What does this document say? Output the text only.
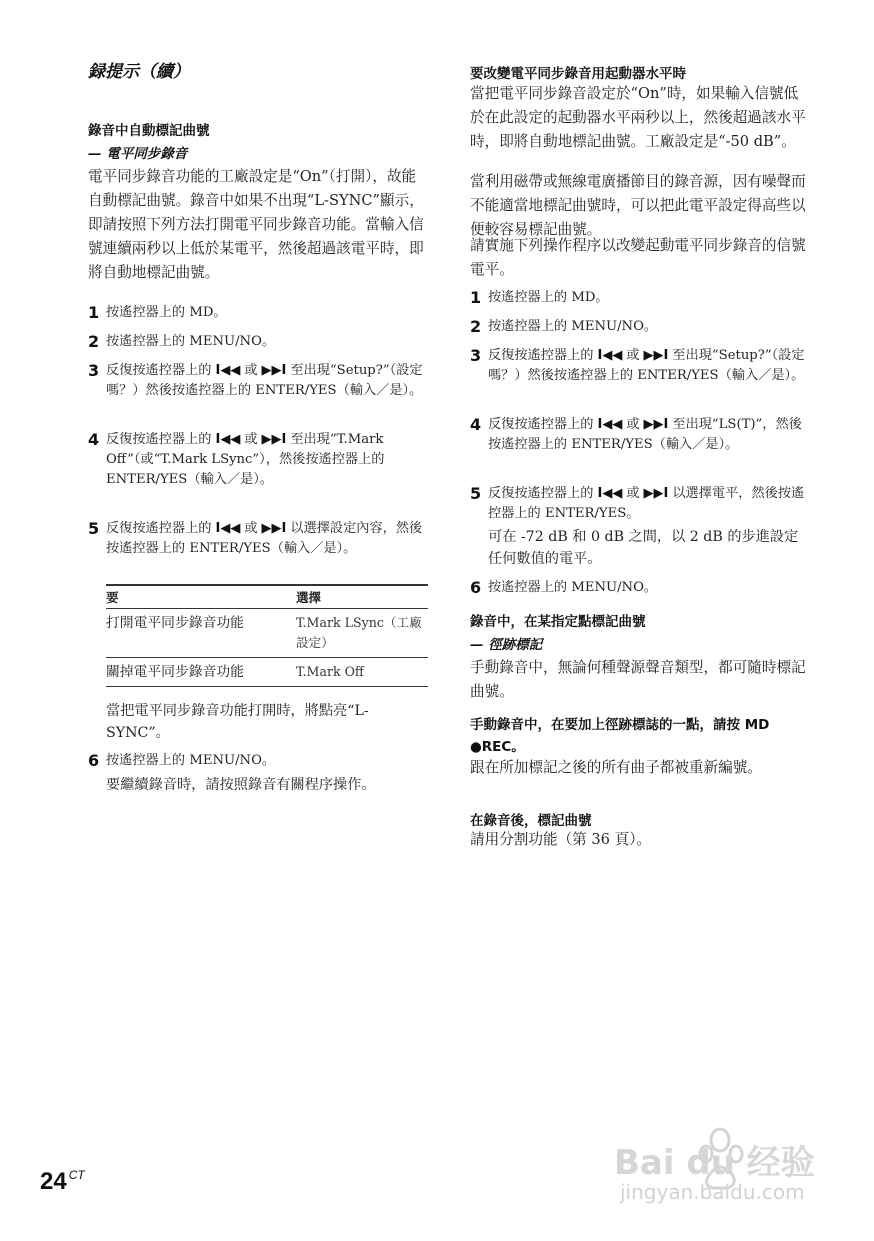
録提示（續）
錄音中自動標記曲號
— 電平同步錄音

電平同步錄音功能的工廠設定是“On”（打開），故能自動標記曲號。錄音中如果不出現“L-SYNC”顯示，即請按照下列方法打開電平同步錄音功能。當輸入信號連續兩秒以上低於某電平，然後超過該電平時，即將自動地標記曲號。

1 按遙控器上的 MD。
2 按遙控器上的 MENU/NO。
3 反復按遙控器上的 I◀◀ 或 ▶▶I 至出現“Setup?”（設定嗎？）然後按遙控器上的 ENTER/YES（輸入／是）。
4 反復按遙控器上的 I◀◀ 或 ▶▶I 至出現“T.Mark Off”（或“T.Mark LSync”），然後按遙控器上的 ENTER/YES（輸入／是）。
5 反復按遙控器上的 I◀◀ 或 ▶▶I 以選擇設定內容，然後按遙控器上的 ENTER/YES（輸入／是）。
要	選擇
打開電平同步錄音功能	T.Mark LSync（工廠設定）
關掉電平同步錄音功能	T.Mark Off

當把電平同步錄音功能打開時，將點亮“L-SYNC”。

6 按遙控器上的 MENU/NO。

要繼續錄音時，請按照錄音有關程序操作。

要改變電平同步錄音用起動器水平時

當把電平同步錄音設定於“On”時，如果輸入信號低於在此設定的起動器水平兩秒以上，然後超過該水平時，即將自動地標記曲號。工廠設定是“-50 dB”。

當利用磁帶或無線電廣播節目的錄音源，因有噪聲而不能適當地標記曲號時，可以把此電平設定得高些以便較容易標記曲號。

請實施下列操作程序以改變起動電平同步錄音的信號電平。

1 按遙控器上的 MD。
2 按遙控器上的 MENU/NO。
3 反復按遙控器上的 I◀◀ 或 ▶▶I 至出現“Setup?”（設定嗎？）然後按遙控器上的 ENTER/YES（輸入／是）。
4 反復按遙控器上的 I◀◀ 或 ▶▶I 至出現“LS(T)”，然後按遙控器上的 ENTER/YES（輸入／是）。
5 反復按遙控器上的 I◀◀ 或 ▶▶I 以選擇電平，然後按遙控器上的 ENTER/YES。

可在 -72 dB 和 0 dB 之間，以 2 dB 的步進設定任何數值的電平。

6 按遙控器上的 MENU/NO。
錄音中，在某指定點標記曲號
— 徑跡標記

手動錄音中，無論何種聲源聲音類型，都可隨時標記曲號。

手動錄音中，在要加上徑跡標誌的一點，請按 MD ●REC。

跟在所加標記之後的所有曲子都被重新編號。

在錄音後，標記曲號

請用分割功能（第 36 頁）。

24 $^{CT}$	Bai du 经验
jingyan.baidu.com
